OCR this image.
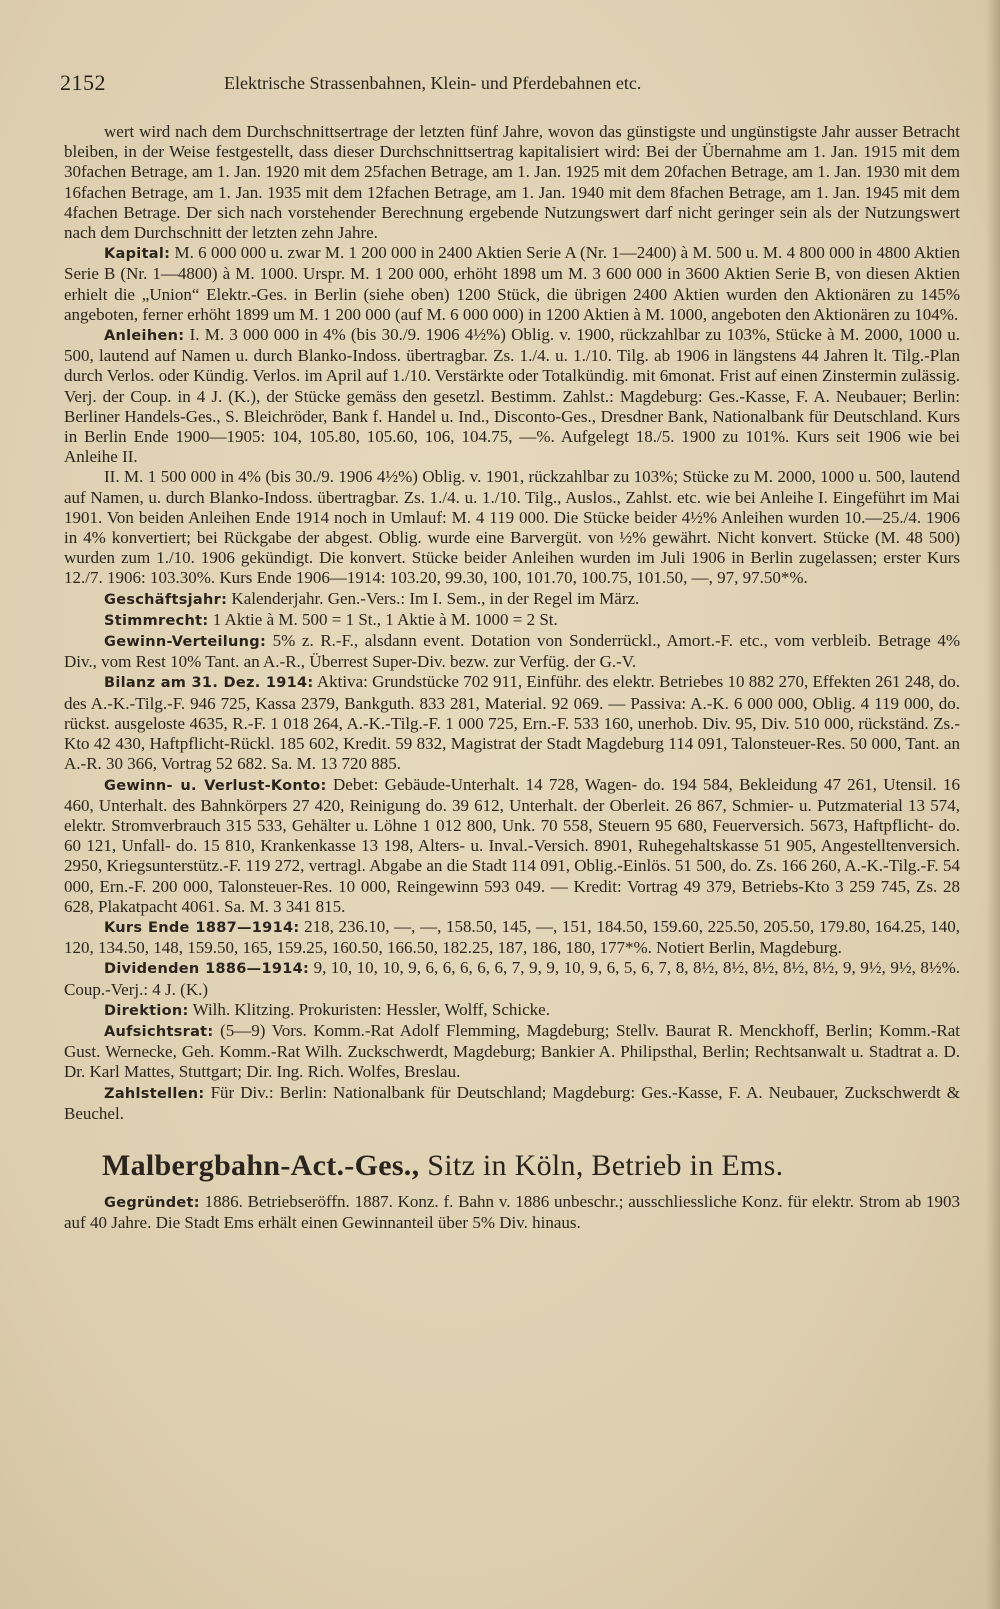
2152	Elektrische Strassenbahnen, Klein- und Pferdebahnen etc.

wert wird nach dem Durchschnittsertrage der letzten fünf Jahre, wovon das günstigste und ungünstigste Jahr ausser Betracht bleiben, in der Weise festgestellt, dass dieser Durchschnittsertrag kapitalisiert wird: Bei der Übernahme am 1. Jan. 1915 mit dem 30fachen Betrage, am 1. Jan. 1920 mit dem 25fachen Betrage, am 1. Jan. 1925 mit dem 20fachen Betrage, am 1. Jan. 1930 mit dem 16fachen Betrage, am 1. Jan. 1935 mit dem 12fachen Betrage, am 1. Jan. 1940 mit dem 8fachen Betrage, am 1. Jan. 1945 mit dem 4fachen Betrage. Der sich nach vorstehender Berechnung ergebende Nutzungswert darf nicht geringer sein als der Nutzungswert nach dem Durchschnitt der letzten zehn Jahre.

Kapital: M. 6 000 000 u. zwar M. 1 200 000 in 2400 Aktien Serie A (Nr. 1—2400) à M. 500 u. M. 4 800 000 in 4800 Aktien Serie B (Nr. 1—4800) à M. 1000. Urspr. M. 1 200 000, erhöht 1898 um M. 3 600 000 in 3600 Aktien Serie B, von diesen Aktien erhielt die „Union“ Elektr.-Ges. in Berlin (siehe oben) 1200 Stück, die übrigen 2400 Aktien wurden den Aktionären zu 145% angeboten, ferner erhöht 1899 um M. 1 200 000 (auf M. 6 000 000) in 1200 Aktien à M. 1000, angeboten den Aktionären zu 104%.

Anleihen: I. M. 3 000 000 in 4% (bis 30./9. 1906 4½%) Oblig. v. 1900, rückzahlbar zu 103%, Stücke à M. 2000, 1000 u. 500, lautend auf Namen u. durch Blanko-Indoss. übertragbar. Zs. 1./4. u. 1./10. Tilg. ab 1906 in längstens 44 Jahren lt. Tilg.-Plan durch Verlos. oder Kündig. Verlos. im April auf 1./10. Verstärkte oder Totalkündig. mit 6monat. Frist auf einen Zinstermin zulässig. Verj. der Coup. in 4 J. (K.), der Stücke gemäss den gesetzl. Bestimm. Zahlst.: Magdeburg: Ges.-Kasse, F. A. Neubauer; Berlin: Berliner Handels-Ges., S. Bleichröder, Bank f. Handel u. Ind., Disconto-Ges., Dresdner Bank, Nationalbank für Deutschland. Kurs in Berlin Ende 1900—1905: 104, 105.80, 105.60, 106, 104.75, —%. Aufgelegt 18./5. 1900 zu 101%. Kurs seit 1906 wie bei Anleihe II.

II. M. 1 500 000 in 4% (bis 30./9. 1906 4½%) Oblig. v. 1901, rückzahlbar zu 103%; Stücke zu M. 2000, 1000 u. 500, lautend auf Namen, u. durch Blanko-Indoss. übertragbar. Zs. 1./4. u. 1./10. Tilg., Auslos., Zahlst. etc. wie bei Anleihe I. Eingeführt im Mai 1901. Von beiden Anleihen Ende 1914 noch in Umlauf: M. 4 119 000. Die Stücke beider 4½% Anleihen wurden 10.—25./4. 1906 in 4% konvertiert; bei Rückgabe der abgest. Oblig. wurde eine Barvergüt. von ½% gewährt. Nicht konvert. Stücke (M. 48 500) wurden zum 1./10. 1906 gekündigt. Die konvert. Stücke beider Anleihen wurden im Juli 1906 in Berlin zugelassen; erster Kurs 12./7. 1906: 103.30%. Kurs Ende 1906—1914: 103.20, 99.30, 100, 101.70, 100.75, 101.50, —, 97, 97.50*%.

Geschäftsjahr: Kalenderjahr. Gen.-Vers.: Im I. Sem., in der Regel im März.

Stimmrecht: 1 Aktie à M. 500 = 1 St., 1 Aktie à M. 1000 = 2 St.

Gewinn-Verteilung: 5% z. R.-F., alsdann event. Dotation von Sonderrückl., Amort.-F. etc., vom verbleib. Betrage 4% Div., vom Rest 10% Tant. an A.-R., Überrest Super-Div. bezw. zur Verfüg. der G.-V.

Bilanz am 31. Dez. 1914: Aktiva: Grundstücke 702 911, Einführ. des elektr. Betriebes 10 882 270, Effekten 261 248, do. des A.-K.-Tilg.-F. 946 725, Kassa 2379, Bankguth. 833 281, Material. 92 069. — Passiva: A.-K. 6 000 000, Oblig. 4 119 000, do. rückst. ausgeloste 4635, R.-F. 1 018 264, A.-K.-Tilg.-F. 1 000 725, Ern.-F. 533 160, unerhob. Div. 95, Div. 510 000, rückständ. Zs.-Kto 42 430, Haftpflicht-Rückl. 185 602, Kredit. 59 832, Magistrat der Stadt Magdeburg 114 091, Talonsteuer-Res. 50 000, Tant. an A.-R. 30 366, Vortrag 52 682. Sa. M. 13 720 885.

Gewinn- u. Verlust-Konto: Debet: Gebäude-Unterhalt. 14 728, Wagen- do. 194 584, Bekleidung 47 261, Utensil. 16 460, Unterhalt. des Bahnkörpers 27 420, Reinigung do. 39 612, Unterhalt. der Oberleit. 26 867, Schmier- u. Putzmaterial 13 574, elektr. Stromverbrauch 315 533, Gehälter u. Löhne 1 012 800, Unk. 70 558, Steuern 95 680, Feuerversich. 5673, Haftpflicht- do. 60 121, Unfall- do. 15 810, Krankenkasse 13 198, Alters- u. Inval.-Versich. 8901, Ruhegehaltskasse 51 905, Angestelltenversich. 2950, Kriegsunterstütz.-F. 119 272, vertragl. Abgabe an die Stadt 114 091, Oblig.-Einlös. 51 500, do. Zs. 166 260, A.-K.-Tilg.-F. 54 000, Ern.-F. 200 000, Talonsteuer-Res. 10 000, Reingewinn 593 049. — Kredit: Vortrag 49 379, Betriebs-Kto 3 259 745, Zs. 28 628, Plakatpacht 4061. Sa. M. 3 341 815.

Kurs Ende 1887—1914: 218, 236.10, —, —, 158.50, 145, —, 151, 184.50, 159.60, 225.50, 205.50, 179.80, 164.25, 140, 120, 134.50, 148, 159.50, 165, 159.25, 160.50, 166.50, 182.25, 187, 186, 180, 177*%. Notiert Berlin, Magdeburg.

Dividenden 1886—1914: 9, 10, 10, 10, 9, 6, 6, 6, 6, 6, 7, 9, 9, 10, 9, 6, 5, 6, 7, 8, 8½, 8½, 8½, 8½, 8½, 9, 9½, 9½, 8½%. Coup.-Verj.: 4 J. (K.)

Direktion: Wilh. Klitzing. Prokuristen: Hessler, Wolff, Schicke.

Aufsichtsrat: (5—9) Vors. Komm.-Rat Adolf Flemming, Magdeburg; Stellv. Baurat R. Menckhoff, Berlin; Komm.-Rat Gust. Wernecke, Geh. Komm.-Rat Wilh. Zuckschwerdt, Magdeburg; Bankier A. Philipsthal, Berlin; Rechtsanwalt u. Stadtrat a. D. Dr. Karl Mattes, Stuttgart; Dir. Ing. Rich. Wolfes, Breslau.

Zahlstellen: Für Div.: Berlin: Nationalbank für Deutschland; Magdeburg: Ges.-Kasse, F. A. Neubauer, Zuckschwerdt & Beuchel.

Malbergbahn-Act.-Ges., Sitz in Köln, Betrieb in Ems.

Gegründet: 1886. Betriebseröffn. 1887. Konz. f. Bahn v. 1886 unbeschr.; ausschliessliche Konz. für elektr. Strom ab 1903 auf 40 Jahre. Die Stadt Ems erhält einen Gewinnanteil über 5% Div. hinaus.
